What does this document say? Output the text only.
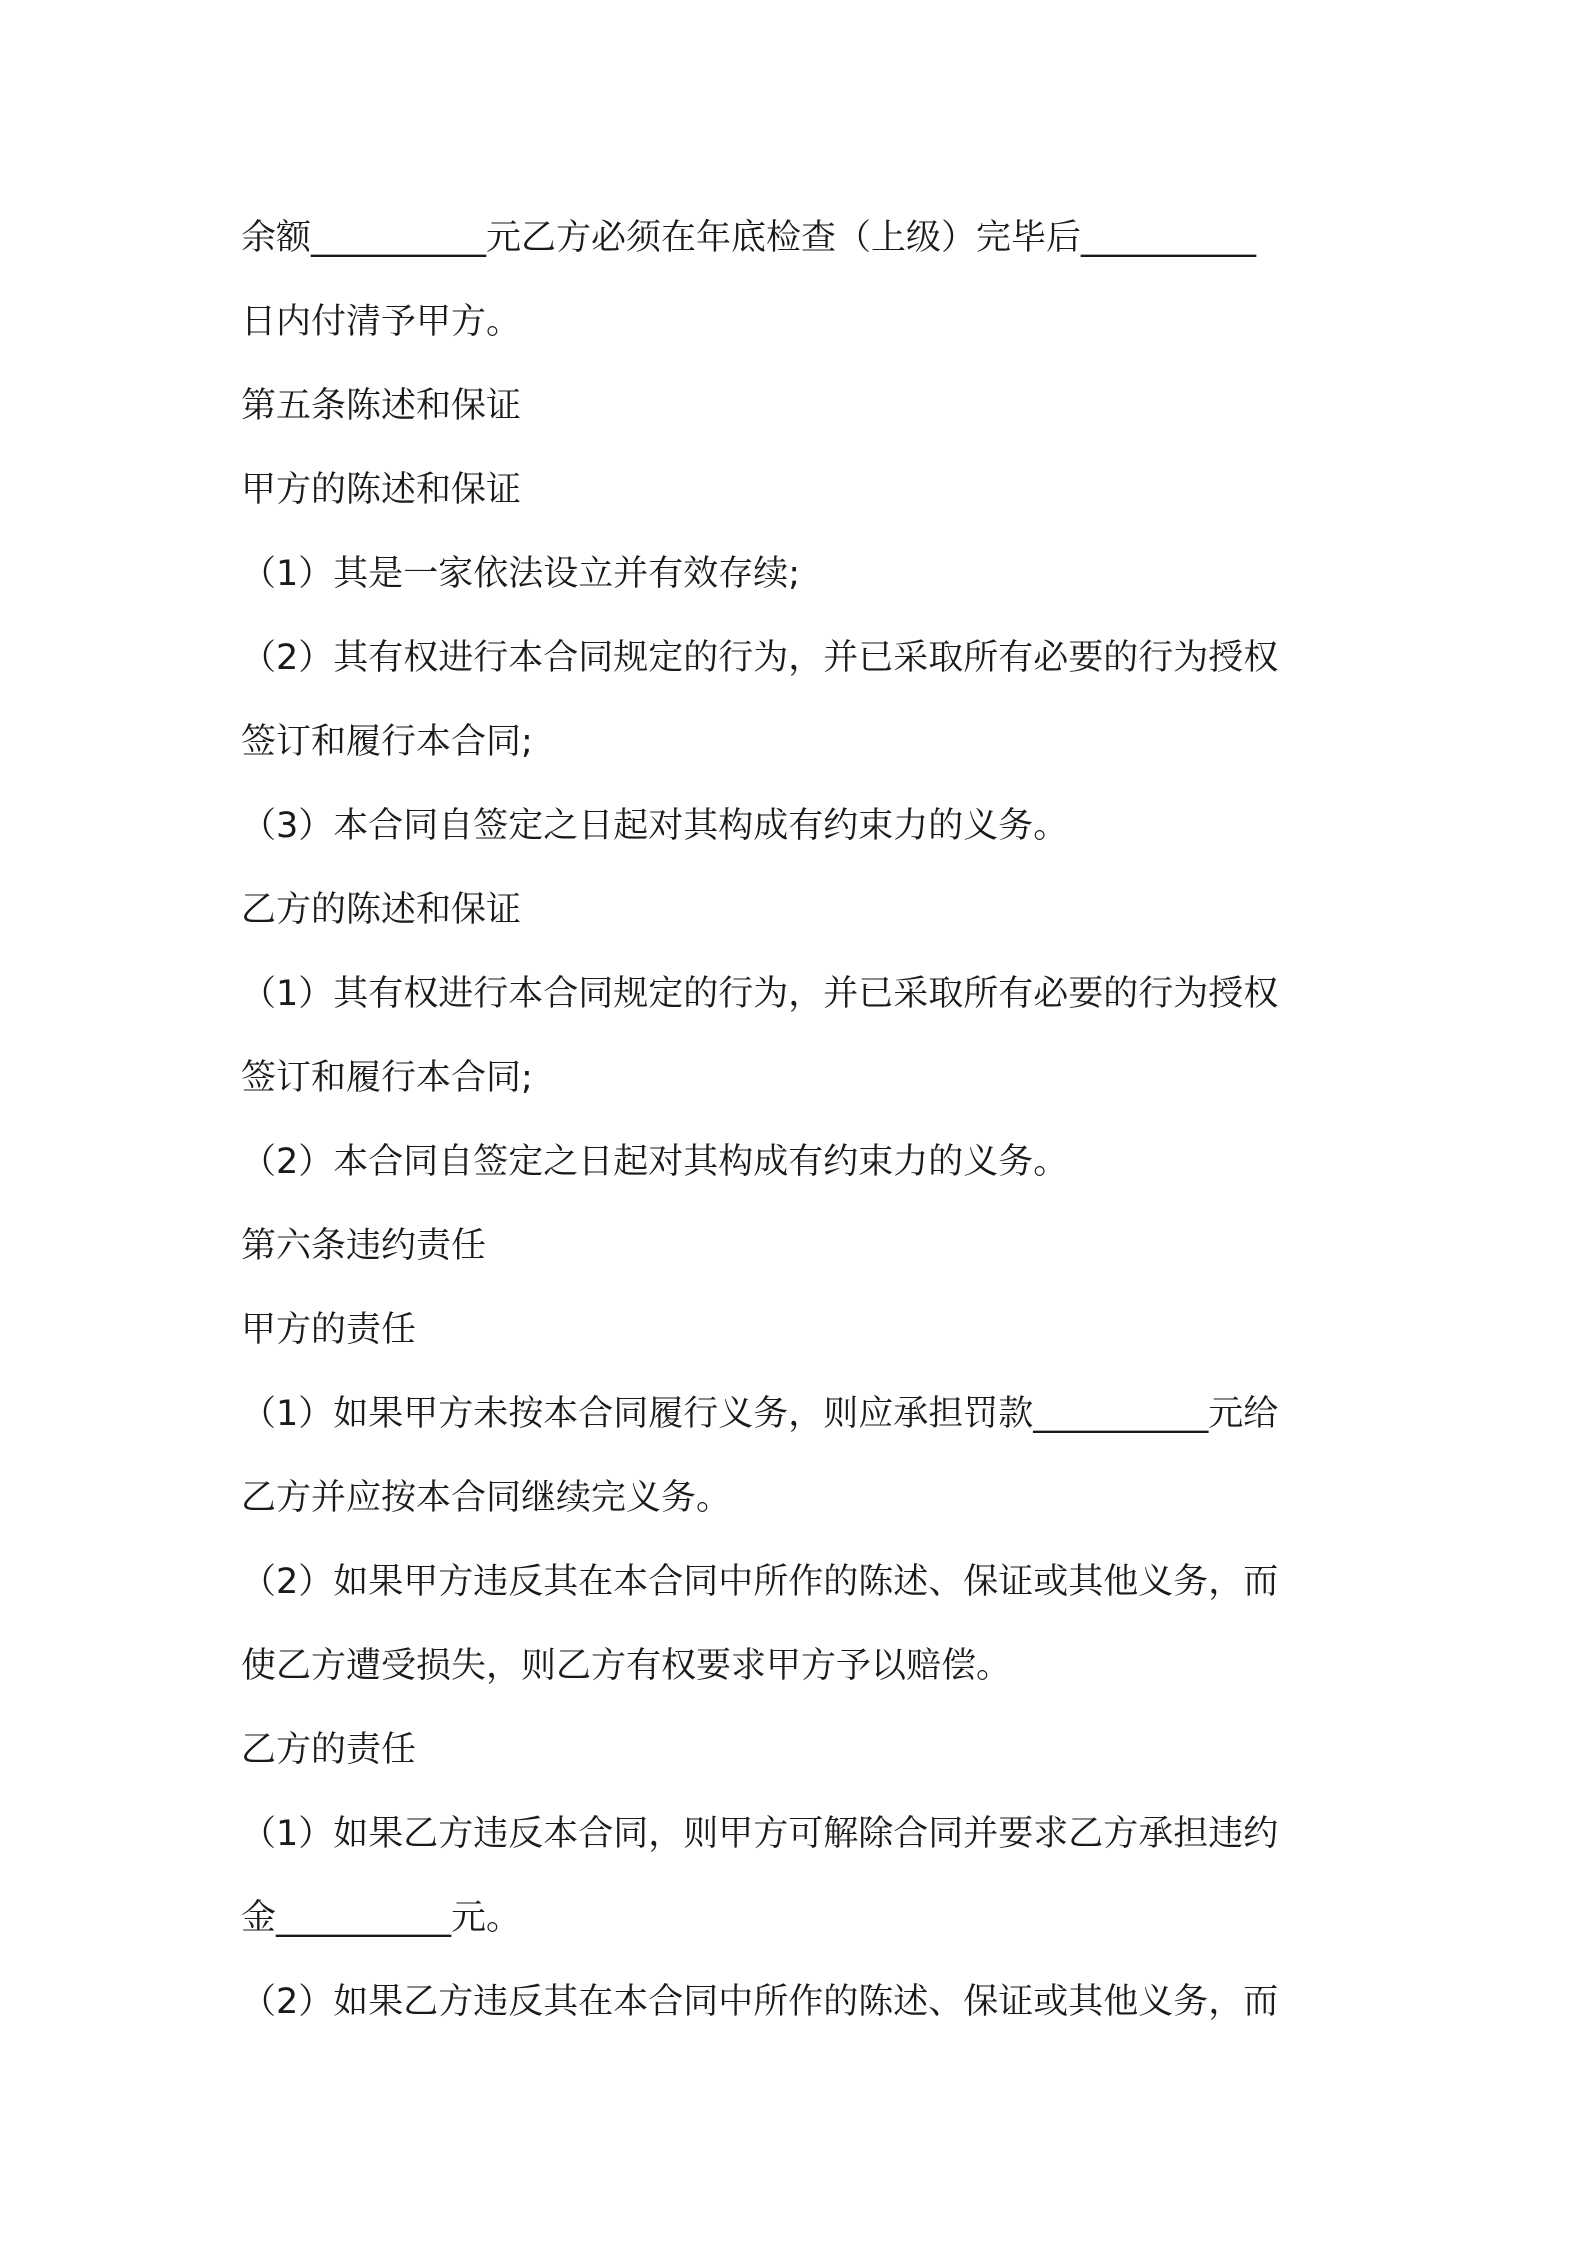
余额__________元乙方必须在年底检查（上级）完毕后__________
日内付清予甲方。
第五条陈述和保证
甲方的陈述和保证
（1）其是一家依法设立并有效存续;
（2）其有权进行本合同规定的行为，并已采取所有必要的行为授权
签订和履行本合同;
（3）本合同自签定之日起对其构成有约束力的义务。
乙方的陈述和保证
（1）其有权进行本合同规定的行为，并已采取所有必要的行为授权
签订和履行本合同;
（2）本合同自签定之日起对其构成有约束力的义务。
第六条违约责任
甲方的责任
（1）如果甲方未按本合同履行义务，则应承担罚款__________元给
乙方并应按本合同继续完义务。
（2）如果甲方违反其在本合同中所作的陈述、保证或其他义务，而
使乙方遭受损失，则乙方有权要求甲方予以赔偿。
乙方的责任
（1）如果乙方违反本合同，则甲方可解除合同并要求乙方承担违约
金__________元。
（2）如果乙方违反其在本合同中所作的陈述、保证或其他义务，而
